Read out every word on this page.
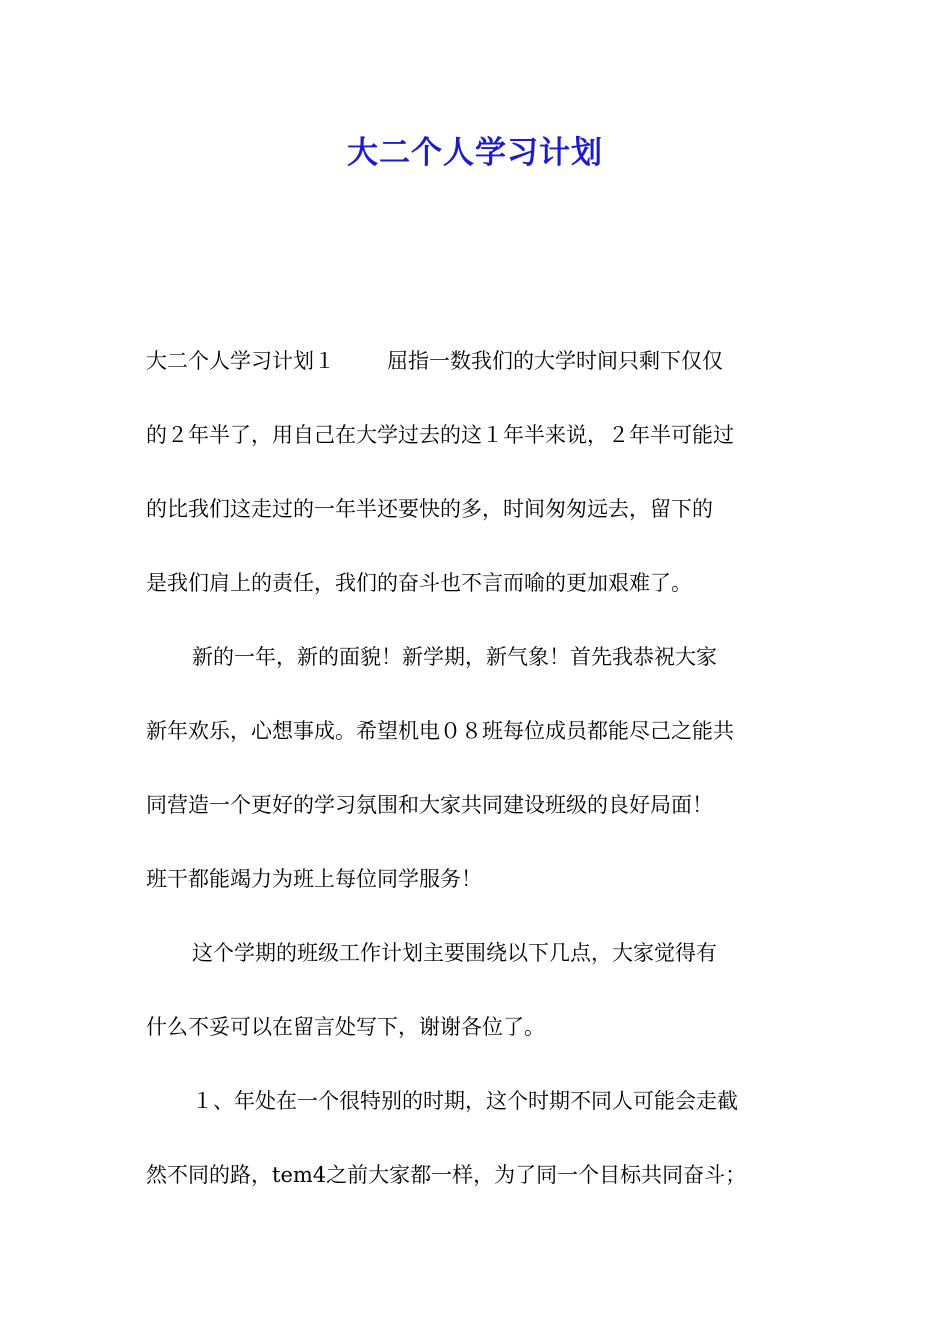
大二个人学习计划
大二个人学习计划１ 屈指一数我们的大学时间只剩下仅仅
的２年半了，用自己在大学过去的这１年半来说，２年半可能过
的比我们这走过的一年半还要快的多，时间匆匆远去，留下的
是我们肩上的责任，我们的奋斗也不言而喻的更加艰难了。
新的一年，新的面貌！新学期，新气象！首先我恭祝大家
新年欢乐，心想事成。希望机电０８班每位成员都能尽己之能共
同营造一个更好的学习氛围和大家共同建设班级的良好局面！
班干都能竭力为班上每位同学服务！
这个学期的班级工作计划主要围绕以下几点，大家觉得有
什么不妥可以在留言处写下，谢谢各位了。
１、年处在一个很特别的时期，这个时期不同人可能会走截
然不同的路，tem4之前大家都一样，为了同一个目标共同奋斗；
